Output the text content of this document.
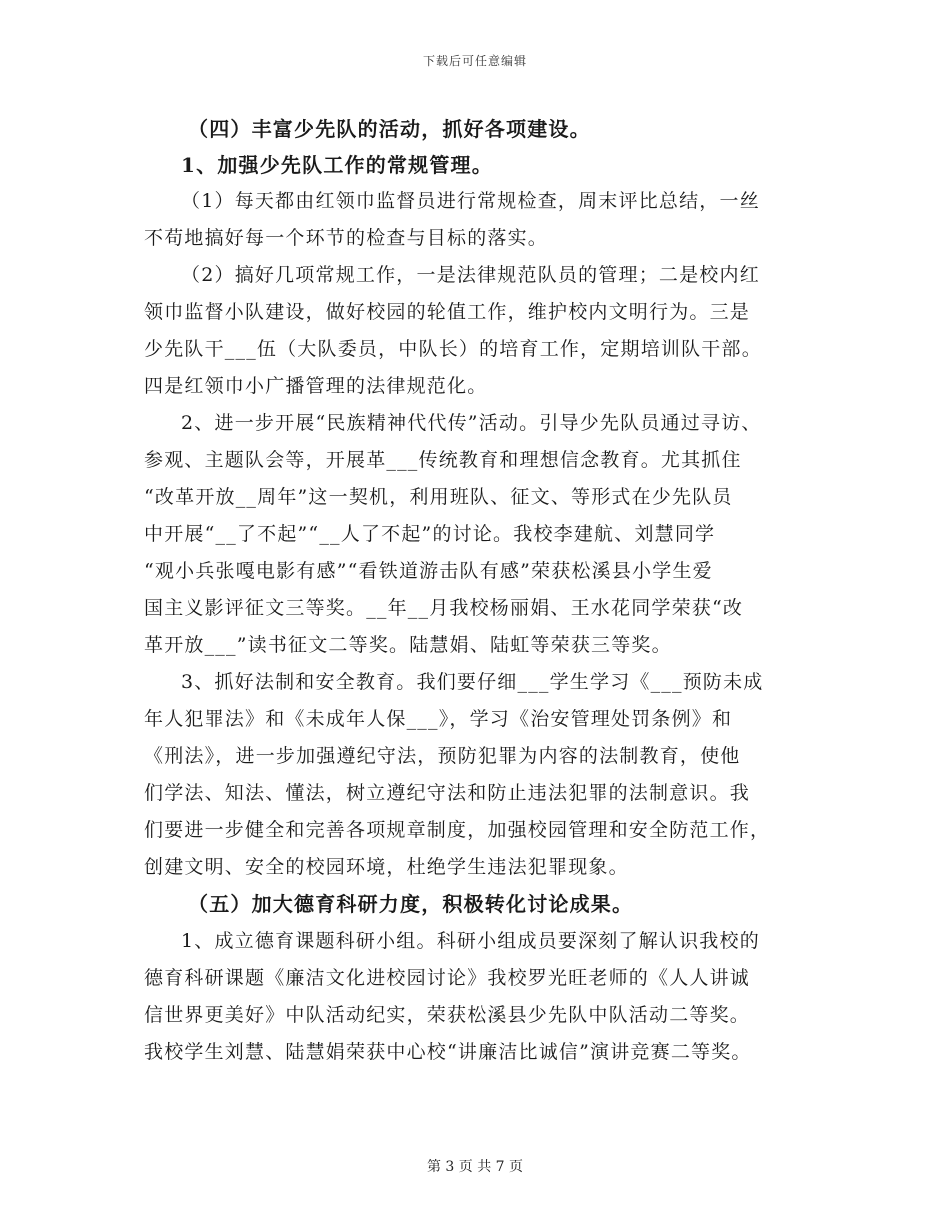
下载后可任意编辑
（四）丰富少先队的活动，抓好各项建设。
1、加强少先队工作的常规管理。
（1）每天都由红领巾监督员进行常规检查，周末评比总结，一丝
不苟地搞好每一个环节的检查与目标的落实。
（2）搞好几项常规工作，一是法律规范队员的管理；二是校内红
领巾监督小队建设，做好校园的轮值工作，维护校内文明行为。三是
少先队干___伍（大队委员，中队长）的培育工作，定期培训队干部。
四是红领巾小广播管理的法律规范化。
2、进一步开展“民族精神代代传”活动。引导少先队员通过寻访、
参观、主题队会等，开展革___传统教育和理想信念教育。尤其抓住
“改革开放__周年”这一契机，利用班队、征文、等形式在少先队员
中开展“__了不起”“__人了不起”的讨论。我校李建航、刘慧同学
“观小兵张嘎电影有感”“看铁道游击队有感”荣获松溪县小学生爱
国主义影评征文三等奖。__年__月我校杨丽娟、王水花同学荣获“改
革开放___”读书征文二等奖。陆慧娟、陆虹等荣获三等奖。
3、抓好法制和安全教育。我们要仔细___学生学习《___预防未成
年人犯罪法》和《未成年人保___》，学习《治安管理处罚条例》和
《刑法》，进一步加强遵纪守法，预防犯罪为内容的法制教育，使他
们学法、知法、懂法，树立遵纪守法和防止违法犯罪的法制意识。我
们要进一步健全和完善各项规章制度，加强校园管理和安全防范工作，
创建文明、安全的校园环境，杜绝学生违法犯罪现象。
（五）加大德育科研力度，积极转化讨论成果。
1、成立德育课题科研小组。科研小组成员要深刻了解认识我校的
德育科研课题《廉洁文化进校园讨论》我校罗光旺老师的《人人讲诚
信世界更美好》中队活动纪实，荣获松溪县少先队中队活动二等奖。
我校学生刘慧、陆慧娟荣获中心校“讲廉洁比诚信”演讲竞赛二等奖。
第 3 页 共 7 页
